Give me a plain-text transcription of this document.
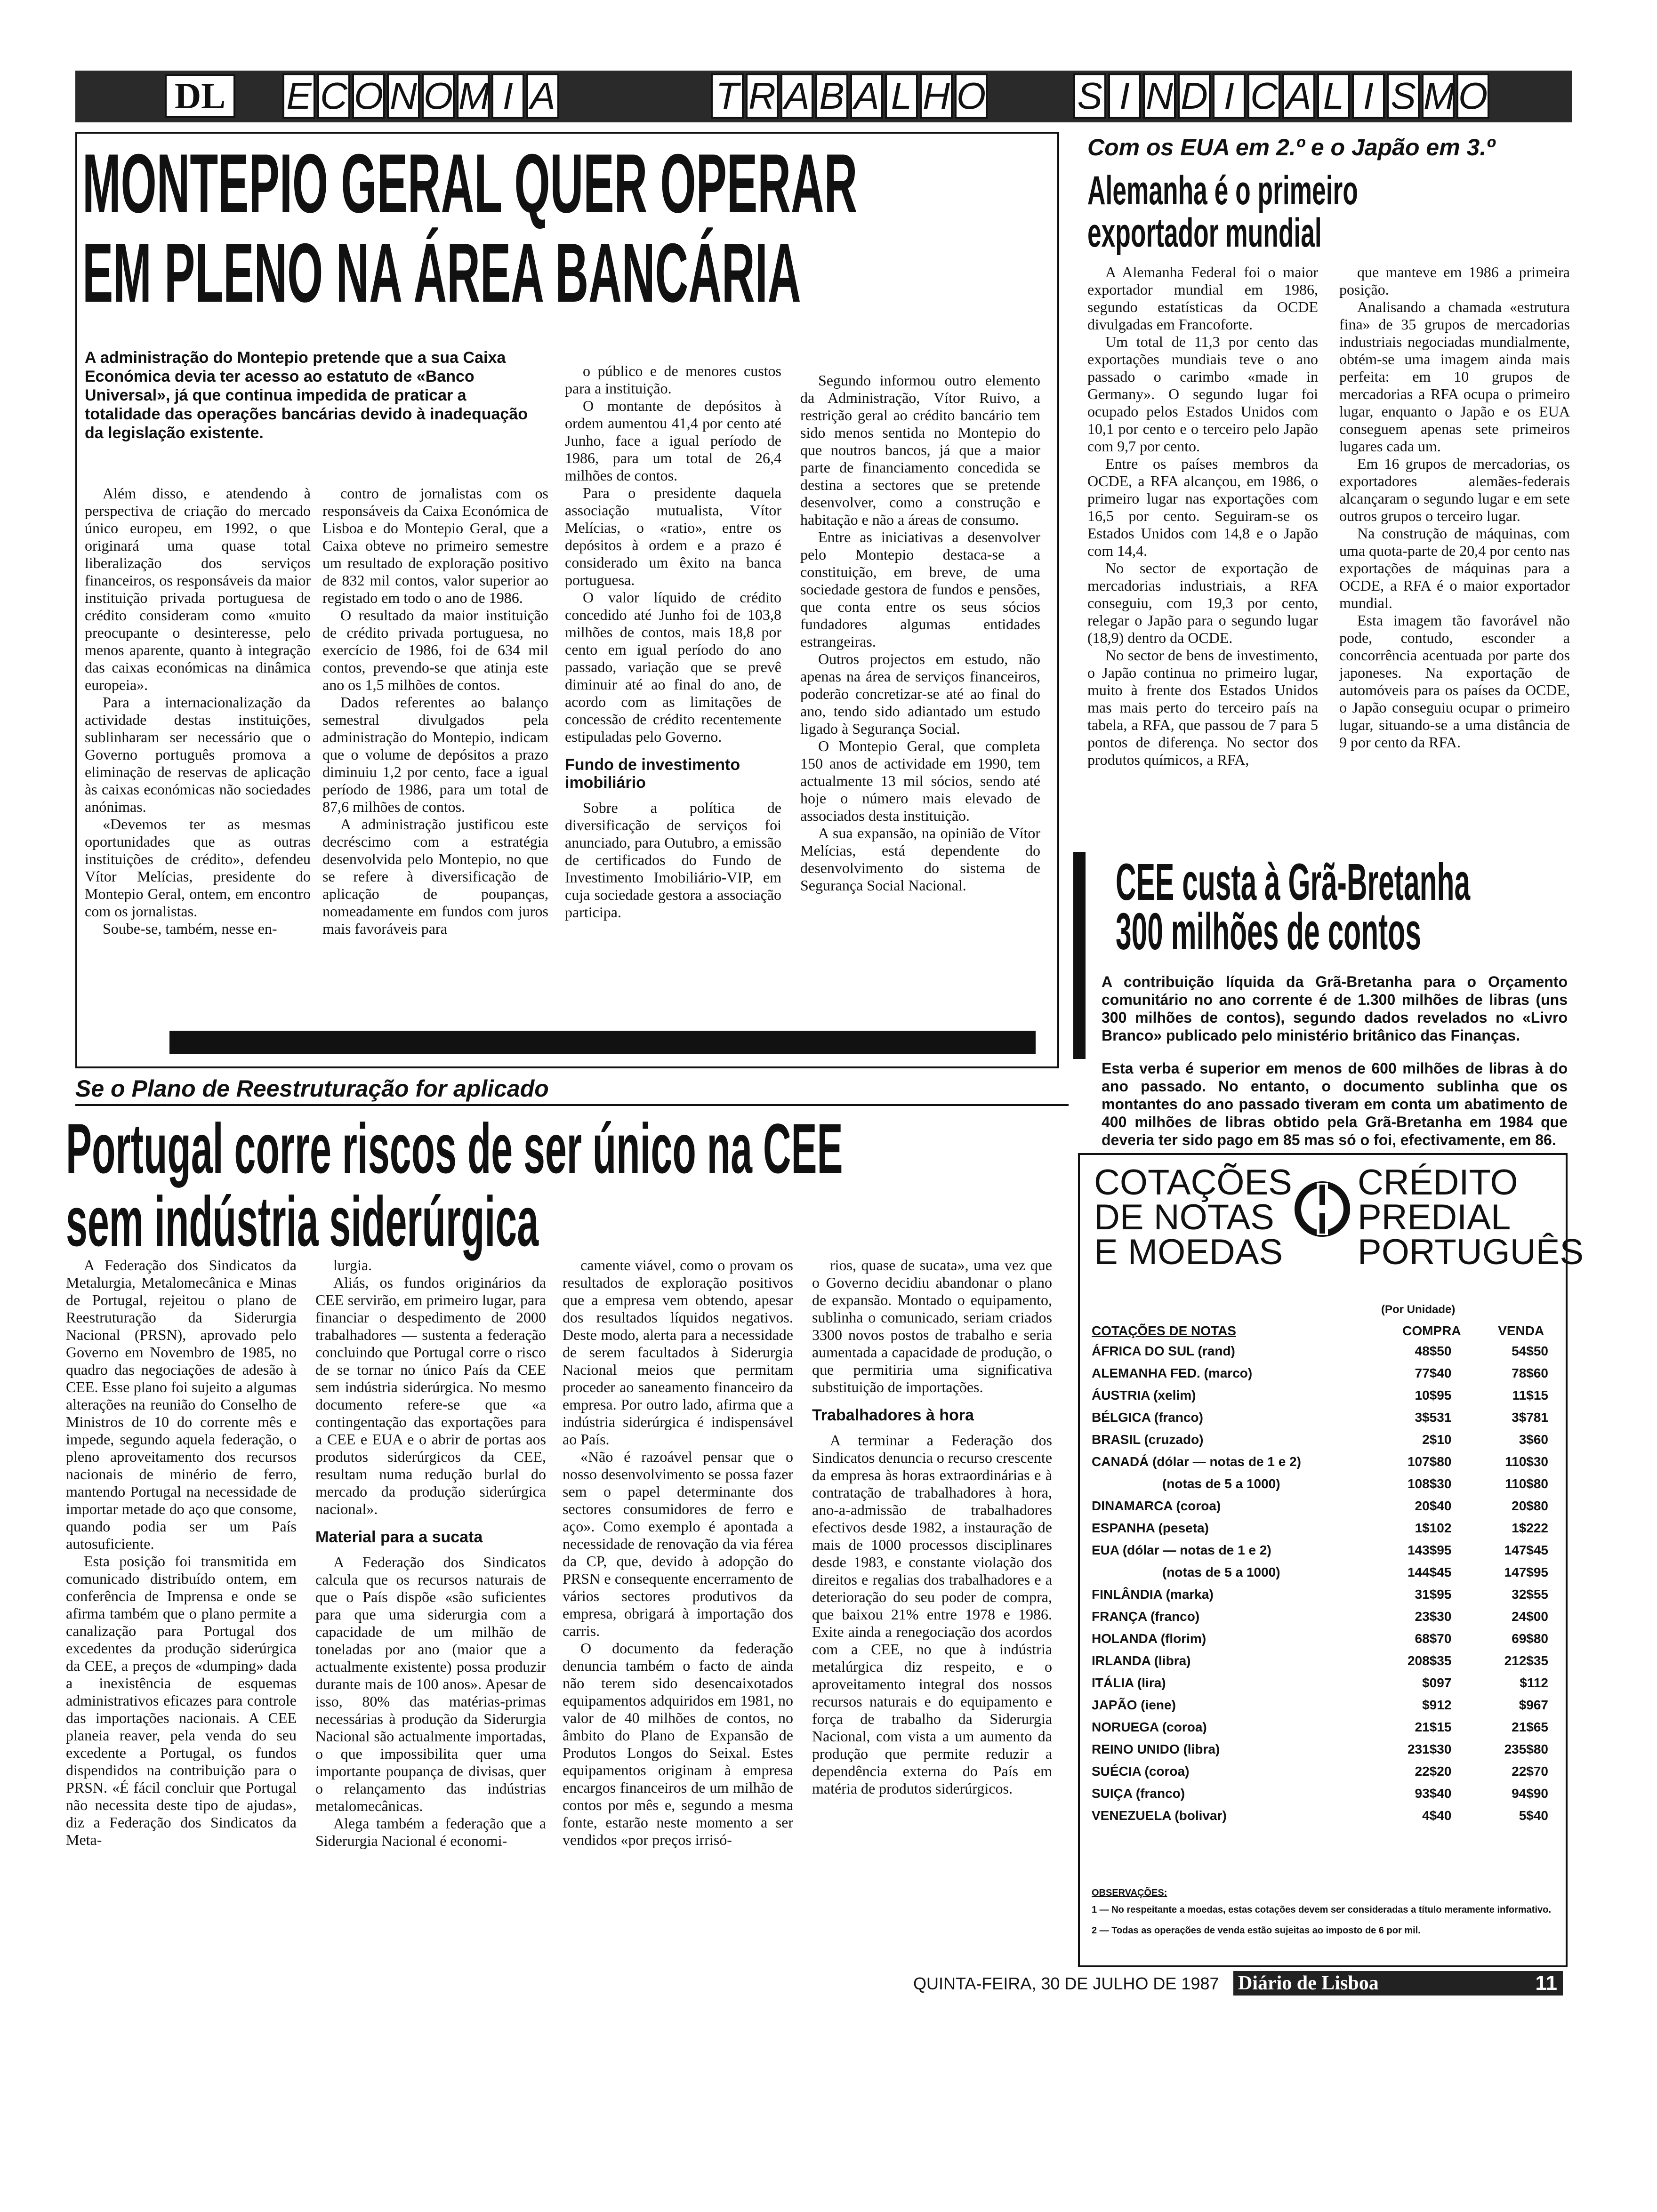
DL E C O N O M I A	T R A B A L H O S I N D I C A L I S MO
MONTEPIO GERAL QUER OPERAR
EM PLENO NA ÁREA BANCÁRIA
A administração do Montepio pretende que a sua Caixa Económica devia ter acesso ao estatuto de «Banco Universal», já que continua impedida de praticar a totalidade das operações bancárias devido à inadequação da legislação existente.

Além disso, e atendendo à perspectiva de criação do mercado único europeu, em 1992, o que originará uma quase total liberalização dos serviços financeiros, os responsáveis da maior instituição privada portuguesa de crédito consideram como «muito preocupante o desinteresse, pelo menos aparente, quanto à integração das caixas económicas na dinâmica europeia».

Para a internacionalização da actividade destas instituições, sublinharam ser necessário que o Governo português promova a eliminação de reservas de aplicação às caixas económicas não sociedades anónimas.

«Devemos ter as mesmas oportunidades que as outras instituições de crédito», defendeu Vítor Melícias, presidente do Montepio Geral, ontem, em encontro com os jornalistas.

Soube-se, também, nesse en-

contro de jornalistas com os responsáveis da Caixa Económica de Lisboa e do Montepio Geral, que a Caixa obteve no primeiro semestre um resultado de exploração positivo de 832 mil contos, valor superior ao registado em todo o ano de 1986.

O resultado da maior instituição de crédito privada portuguesa, no exercício de 1986, foi de 634 mil contos, prevendo-se que atinja este ano os 1,5 milhões de contos.

Dados referentes ao balanço semestral divulgados pela administração do Montepio, indicam que o volume de depósitos a prazo diminuiu 1,2 por cento, face a igual período de 1986, para um total de 87,6 milhões de contos.

A administração justificou este decréscimo com a estratégia desenvolvida pelo Montepio, no que se refere à diversificação de aplicação de poupanças, nomeadamente em fundos com juros mais favoráveis para

o público e de menores custos para a instituição.

O montante de depósitos à ordem aumentou 41,4 por cento até Junho, face a igual período de 1986, para um total de 26,4 milhões de contos.

Para o presidente daquela associação mutualista, Vítor Melícias, o «ratio», entre os depósitos à ordem e a prazo é considerado um êxito na banca portuguesa.

O valor líquido de crédito concedido até Junho foi de 103,8 milhões de contos, mais 18,8 por cento em igual período do ano passado, variação que se prevê diminuir até ao final do ano, de acordo com as limitações de concessão de crédito recentemente estipuladas pelo Governo.

Fundo de investimento imobiliário

Sobre a política de diversificação de serviços foi anunciado, para Outubro, a emissão de certificados do Fundo de Investimento Imobiliário-VIP, em cuja sociedade gestora a associação participa.

Segundo informou outro elemento da Administração, Vítor Ruivo, a restrição geral ao crédito bancário tem sido menos sentida no Montepio do que noutros bancos, já que a maior parte de financiamento concedida se destina a sectores que se pretende desenvolver, como a construção e habitação e não a áreas de consumo.

Entre as iniciativas a desenvolver pelo Montepio destaca-se a constituição, em breve, de uma sociedade gestora de fundos e pensões, que conta entre os seus sócios fundadores algumas entidades estrangeiras.

Outros projectos em estudo, não apenas na área de serviços financeiros, poderão concretizar-se até ao final do ano, tendo sido adiantado um estudo ligado à Segurança Social.

O Montepio Geral, que completa 150 anos de actividade em 1990, tem actualmente 13 mil sócios, sendo até hoje o número mais elevado de associados desta instituição.

A sua expansão, na opinião de Vítor Melícias, está dependente do desenvolvimento do sistema de Segurança Social Nacional.

Com os EUA em 2.º e o Japão em 3.º
Alemanha é o primeiro
exportador mundial

A Alemanha Federal foi o maior exportador mundial em 1986, segundo estatísticas da OCDE divulgadas em Francoforte.

Um total de 11,3 por cento das exportações mundiais teve o ano passado o carimbo «made in Germany». O segundo lugar foi ocupado pelos Estados Unidos com 10,1 por cento e o terceiro pelo Japão com 9,7 por cento.

Entre os países membros da OCDE, a RFA alcançou, em 1986, o primeiro lugar nas exportações com 16,5 por cento. Seguiram-se os Estados Unidos com 14,8 e o Japão com 14,4.

No sector de exportação de mercadorias industriais, a RFA conseguiu, com 19,3 por cento, relegar o Japão para o segundo lugar (18,9) dentro da OCDE.

No sector de bens de investimento, o Japão continua no primeiro lugar, muito à frente dos Estados Unidos mas mais perto do terceiro país na tabela, a RFA, que passou de 7 para 5 pontos de diferença. No sector dos produtos químicos, a RFA,

que manteve em 1986 a primeira posição.

Analisando a chamada «estrutura fina» de 35 grupos de mercadorias industriais negociadas mundialmente, obtém-se uma imagem ainda mais perfeita: em 10 grupos de mercadorias a RFA ocupa o primeiro lugar, enquanto o Japão e os EUA conseguem apenas sete primeiros lugares cada um.

Em 16 grupos de mercadorias, os exportadores alemães-federais alcançaram o segundo lugar e em sete outros grupos o terceiro lugar.

Na construção de máquinas, com uma quota-parte de 20,4 por cento nas exportações de máquinas para a OCDE, a RFA é o maior exportador mundial.

Esta imagem tão favorável não pode, contudo, esconder a concorrência acentuada por parte dos japoneses. Na exportação de automóveis para os países da OCDE, o Japão conseguiu ocupar o primeiro lugar, situando-se a uma distância de 9 por cento da RFA.

CEE custa à Grã-Bretanha
300 milhões de contos

A contribuição líquida da Grã-Bretanha para o Orçamento comunitário no ano corrente é de 1.300 milhões de libras (uns 300 milhões de contos), segundo dados revelados no «Livro Branco» publicado pelo ministério britânico das Finanças.

Esta verba é superior em menos de 600 milhões de libras à do ano passado. No entanto, o documento sublinha que os montantes do ano passado tiveram em conta um abatimento de 400 milhões de libras obtido pela Grã-Bretanha em 1984 que deveria ter sido pago em 85 mas só o foi, efectivamente, em 86.

COTAÇÕES
DE NOTAS
E MOEDAS
CRÉDITO
PREDIAL
PORTUGUÊS
(Por Unidade)
COTAÇÕES DE NOTAS	COMPRA	VENDA
ÁFRICA DO SUL (rand)	48$50	54$50
ALEMANHA FED. (marco)	77$40	78$60
ÁUSTRIA (xelim)	10$95	11$15
BÉLGICA (franco)	3$531	3$781
BRASIL (cruzado)	2$10	3$60
CANADÁ (dólar — notas de 1 e 2)	107$80	110$30
(notas de 5 a 1000)	108$30	110$80
DINAMARCA (coroa)	20$40	20$80
ESPANHA (peseta)	1$102	1$222
EUA (dólar — notas de 1 e 2)	143$95	147$45
(notas de 5 a 1000)	144$45	147$95
FINLÂNDIA (marka)	31$95	32$55
FRANÇA (franco)	23$30	24$00
HOLANDA (florim)	68$70	69$80
IRLANDA (libra)	208$35	212$35
ITÁLIA (lira)	$097	$112
JAPÃO (iene)	$912	$967
NORUEGA (coroa)	21$15	21$65
REINO UNIDO (libra)	231$30	235$80
SUÉCIA (coroa)	22$20	22$70
SUIÇA (franco)	93$40	94$90
VENEZUELA (bolivar)	4$40	5$40
OBSERVAÇÕES:
1 — No respeitante a moedas, estas cotações devem ser consideradas a título meramente informativo.
2 — Todas as operações de venda estão sujeitas ao imposto de 6 por mil.
Se o Plano de Reestruturação for aplicado
Portugal corre riscos de ser único na CEE
sem indústria siderúrgica

A Federação dos Sindicatos da Metalurgia, Metalomecânica e Minas de Portugal, rejeitou o plano de Reestruturação da Siderurgia Nacional (PRSN), aprovado pelo Governo em Novembro de 1985, no quadro das negociações de adesão à CEE. Esse plano foi sujeito a algumas alterações na reunião do Conselho de Ministros de 10 do corrente mês e impede, segundo aquela federação, o pleno aproveitamento dos recursos nacionais de minério de ferro, mantendo Portugal na necessidade de importar metade do aço que consome, quando podia ser um País autosuficiente.

Esta posição foi transmitida em comunicado distribuído ontem, em conferência de Imprensa e onde se afirma também que o plano permite a canalização para Portugal dos excedentes da produção siderúrgica da CEE, a preços de «dumping» dada a inexistência de esquemas administrativos eficazes para controle das importações nacionais. A CEE planeia reaver, pela venda do seu excedente a Portugal, os fundos dispendidos na contribuição para o PRSN. «É fácil concluir que Portugal não necessita deste tipo de ajudas», diz a Federação dos Sindicatos da Meta-

lurgia.

Aliás, os fundos originários da CEE servirão, em primeiro lugar, para financiar o despedimento de 2000 trabalhadores — sustenta a federação concluindo que Portugal corre o risco de se tornar no único País da CEE sem indústria siderúrgica. No mesmo documento refere-se que «a contingentação das exportações para a CEE e EUA e o abrir de portas aos produtos siderúrgicos da CEE, resultam numa redução burlal do mercado da produção siderúrgica nacional».

Material para a sucata

A Federação dos Sindicatos calcula que os recursos naturais de que o País dispõe «são suficientes para que uma siderurgia com a capacidade de um milhão de toneladas por ano (maior que a actualmente existente) possa produzir durante mais de 100 anos». Apesar de isso, 80% das matérias-primas necessárias à produção da Siderurgia Nacional são actualmente importadas, o que impossibilita quer uma importante poupança de divisas, quer o relançamento das indústrias metalomecânicas.

Alega também a federação que a Siderurgia Nacional é economi-

camente viável, como o provam os resultados de exploração positivos que a empresa vem obtendo, apesar dos resultados líquidos negativos. Deste modo, alerta para a necessidade de serem facultados à Siderurgia Nacional meios que permitam proceder ao saneamento financeiro da empresa. Por outro lado, afirma que a indústria siderúrgica é indispensável ao País.

«Não é razoável pensar que o nosso desenvolvimento se possa fazer sem o papel determinante dos sectores consumidores de ferro e aço». Como exemplo é apontada a necessidade de renovação da via férea da CP, que, devido à adopção do PRSN e consequente encerramento de vários sectores produtivos da empresa, obrigará à importação dos carris.

O documento da federação denuncia também o facto de ainda não terem sido desencaixotados equipamentos adquiridos em 1981, no valor de 40 milhões de contos, no âmbito do Plano de Expansão de Produtos Longos do Seixal. Estes equipamentos originam à empresa encargos financeiros de um milhão de contos por mês e, segundo a mesma fonte, estarão neste momento a ser vendidos «por preços irrisó-

rios, quase de sucata», uma vez que o Governo decidiu abandonar o plano de expansão. Montado o equipamento, sublinha o comunicado, seriam criados 3300 novos postos de trabalho e seria aumentada a capacidade de produção, o que permitiria uma significativa substituição de importações.

Trabalhadores à hora

A terminar a Federação dos Sindicatos denuncia o recurso crescente da empresa às horas extraordinárias e à contratação de trabalhadores à hora, ano-a-admissão de trabalhadores efectivos desde 1982, a instauração de mais de 1000 processos disciplinares desde 1983, e constante violação dos direitos e regalias dos trabalhadores e a deterioração do seu poder de compra, que baixou 21% entre 1978 e 1986. Exite ainda a renegociação dos acordos com a CEE, no que à indústria metalúrgica diz respeito, e o aproveitamento integral dos nossos recursos naturais e do equipamento e força de trabalho da Siderurgia Nacional, com vista a um aumento da produção que permite reduzir a dependência externa do País em matéria de produtos siderúrgicos.

QUINTA-FEIRA, 30 DE JULHO DE 1987 Diário de Lisboa	11
